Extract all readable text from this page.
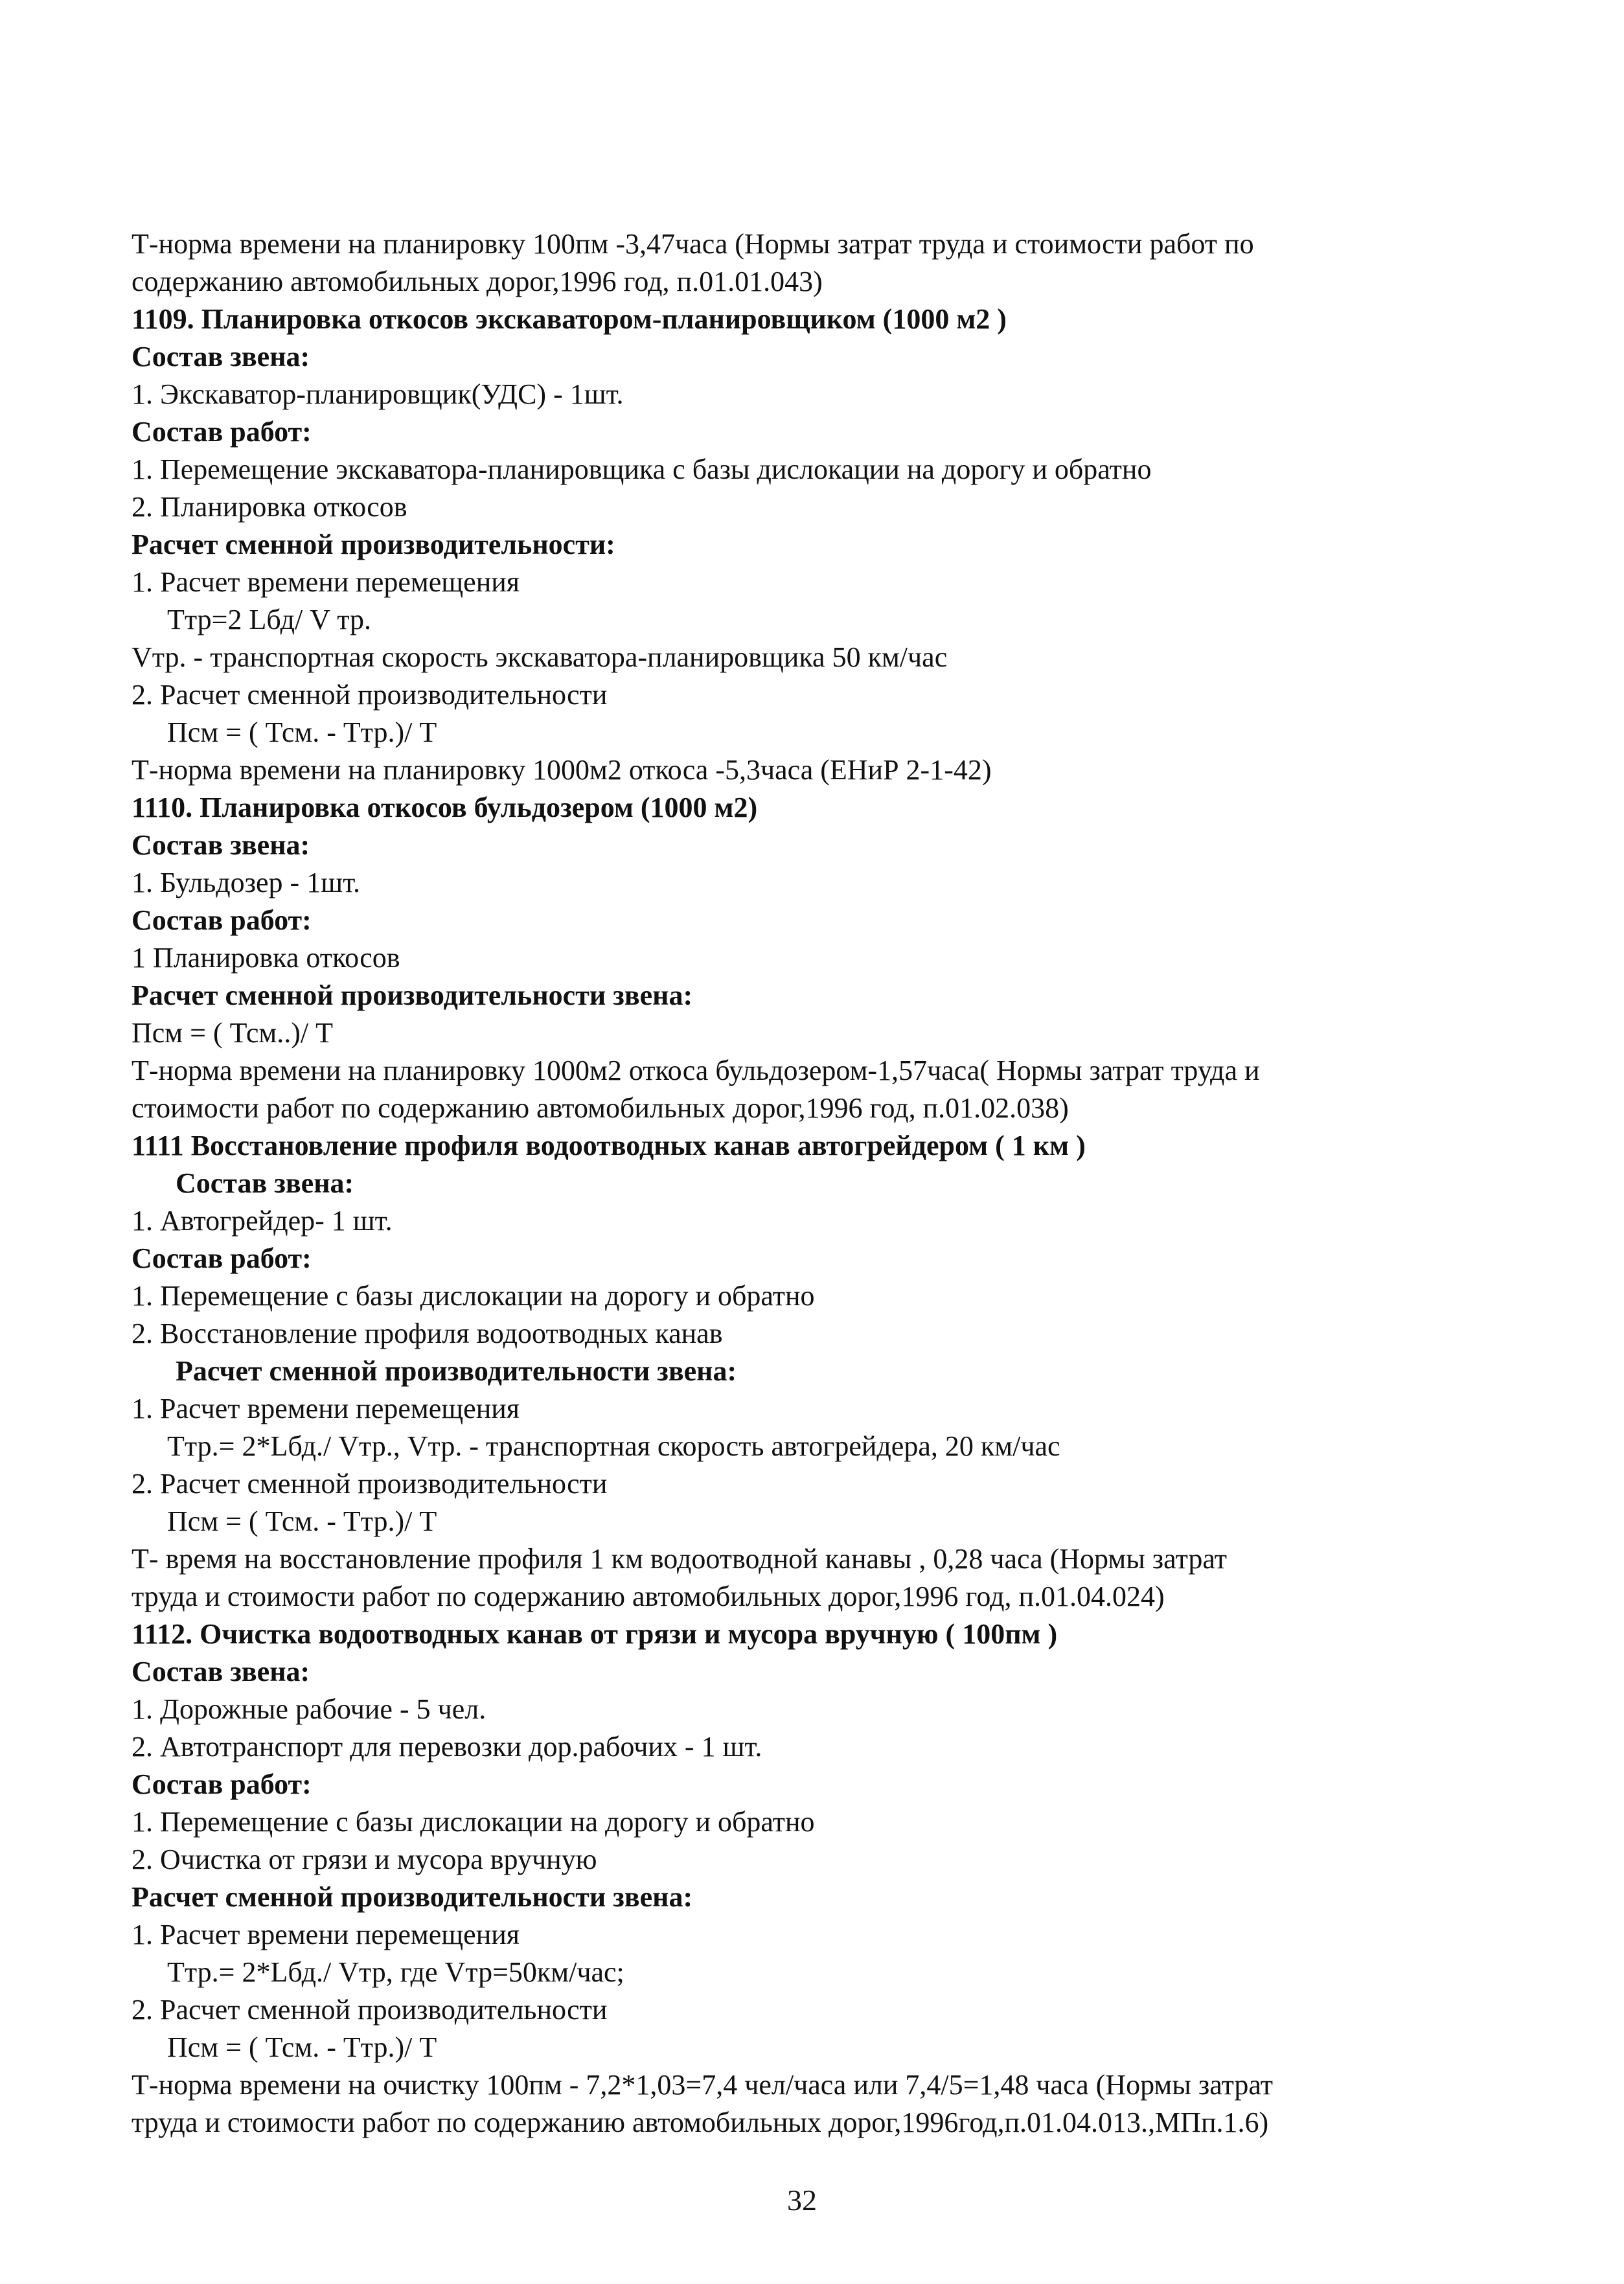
Т-норма времени на планировку 100пм -3,47часа (Нормы затрат труда и стоимости работ по
содержанию автомобильных дорог,1996 год, п.01.01.043)
1109. Планировка откосов экскаватором-планировщиком (1000 м2 )
Состав звена:
1. Экскаватор-планировщик(УДС) - 1шт.
Состав работ:
1. Перемещение экскаватора-планировщика с базы дислокации на дорогу и обратно
2. Планировка откосов
Расчет сменной производительности:
1. Расчет времени перемещения
Ттр=2 Lбд/ V тр.
Vтр. - транспортная скорость экскаватора-планировщика 50 км/час
2. Расчет сменной производительности
Псм = ( Тсм. - Ттр.)/ Т
Т-норма времени на планировку 1000м2 откоса -5,3часа (ЕНиР 2-1-42)
1110. Планировка откосов бульдозером (1000 м2)
Состав звена:
1. Бульдозер - 1шт.
Состав работ:
1 Планировка откосов
Расчет сменной производительности звена:
Псм = ( Тсм..)/ Т
Т-норма времени на планировку 1000м2 откоса бульдозером-1,57часа( Нормы затрат труда и
стоимости работ по содержанию автомобильных дорог,1996 год, п.01.02.038)
1111 Восстановление профиля водоотводных канав автогрейдером ( 1 км )
Состав звена:
1. Автогрейдер- 1 шт.
Состав работ:
1. Перемещение с базы дислокации на дорогу и обратно
2. Восстановление профиля водоотводных канав
Расчет сменной производительности звена:
1. Расчет времени перемещения
Ттр.= 2*Lбд./ Vтр., Vтр. - транспортная скорость автогрейдера, 20 км/час
2. Расчет сменной производительности
Псм = ( Тсм. - Ттр.)/ Т
Т- время на восстановление профиля 1 км водоотводной канавы , 0,28 часа (Нормы затрат
труда и стоимости работ по содержанию автомобильных дорог,1996 год, п.01.04.024)
1112. Очистка водоотводных канав от грязи и мусора вручную ( 100пм )
Состав звена:
1. Дорожные рабочие - 5 чел.
2. Автотранспорт для перевозки дор.рабочих - 1 шт.
Состав работ:
1. Перемещение с базы дислокации на дорогу и обратно
2. Очистка от грязи и мусора вручную
Расчет сменной производительности звена:
1. Расчет времени перемещения
Ттр.= 2*Lбд./ Vтр, где Vтр=50км/час;
2. Расчет сменной производительности
Псм = ( Тсм. - Ттр.)/ Т
Т-норма времени на очистку 100пм - 7,2*1,03=7,4 чел/часа или 7,4/5=1,48 часа (Нормы затрат
труда и стоимости работ по содержанию автомобильных дорог,1996год,п.01.04.013.,МПп.1.6)
32
